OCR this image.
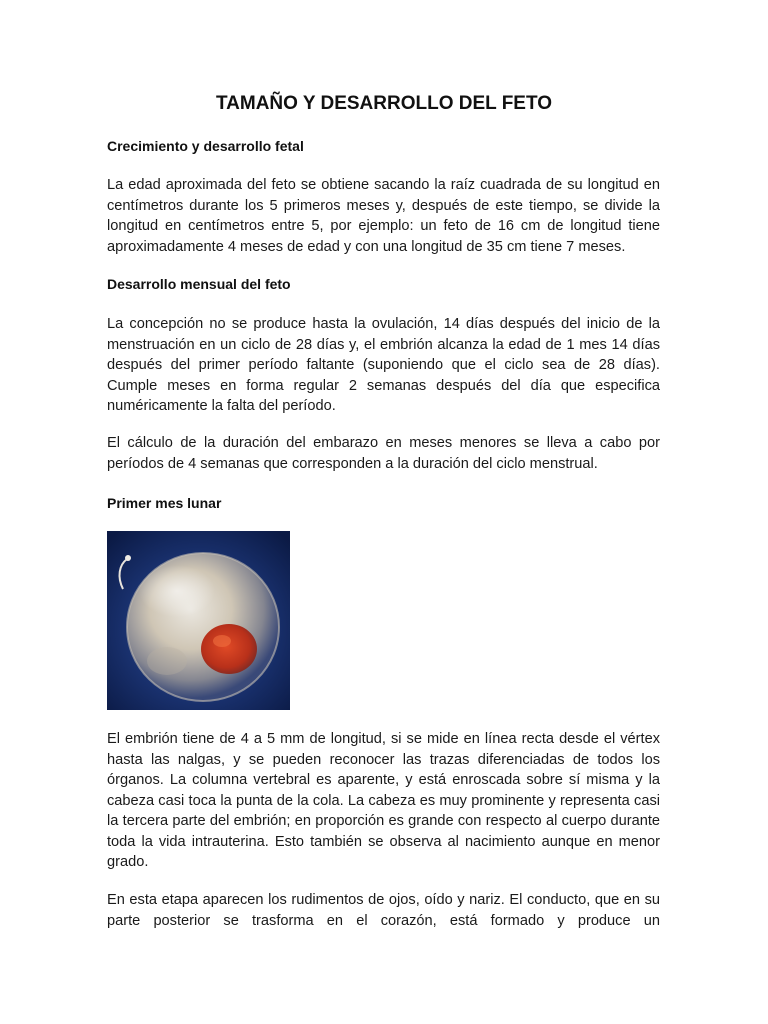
TAMAÑO Y DESARROLLO DEL FETO
Crecimiento y desarrollo fetal

La edad aproximada del feto se obtiene sacando la raíz cuadrada de su longitud en centímetros durante los 5 primeros meses y, después de este tiempo, se divide la longitud en centímetros entre 5, por ejemplo: un feto de 16 cm de longitud tiene aproximadamente 4 meses de edad y con una longitud de 35 cm tiene 7 meses.

Desarrollo mensual del feto

La concepción no se produce hasta la ovulación, 14 días después del inicio de la menstruación en un ciclo de 28 días y, el embrión alcanza la edad de 1 mes 14 días después del primer período faltante (suponiendo que el ciclo sea de 28 días). Cumple meses en forma regular 2 semanas después del día que especifica numéricamente la falta del período.

El cálculo de la duración del embarazo en meses menores se lleva a cabo por períodos de 4 semanas que corresponden a la duración del ciclo menstrual.

Primer mes lunar

El embrión tiene de 4 a 5 mm de longitud, si se mide en línea recta desde el vértex hasta las nalgas, y se pueden reconocer las trazas diferenciadas de todos los órganos. La columna vertebral es aparente, y está enroscada sobre sí misma y la cabeza casi toca la punta de la cola. La cabeza es muy prominente y representa casi la tercera parte del embrión; en proporción es grande con respecto al cuerpo durante toda la vida intrauterina. Esto también se observa al nacimiento aunque en menor grado.

En esta etapa aparecen los rudimentos de ojos, oído y nariz. El conducto, que en su parte posterior se trasforma en el corazón, está formado y produce un
